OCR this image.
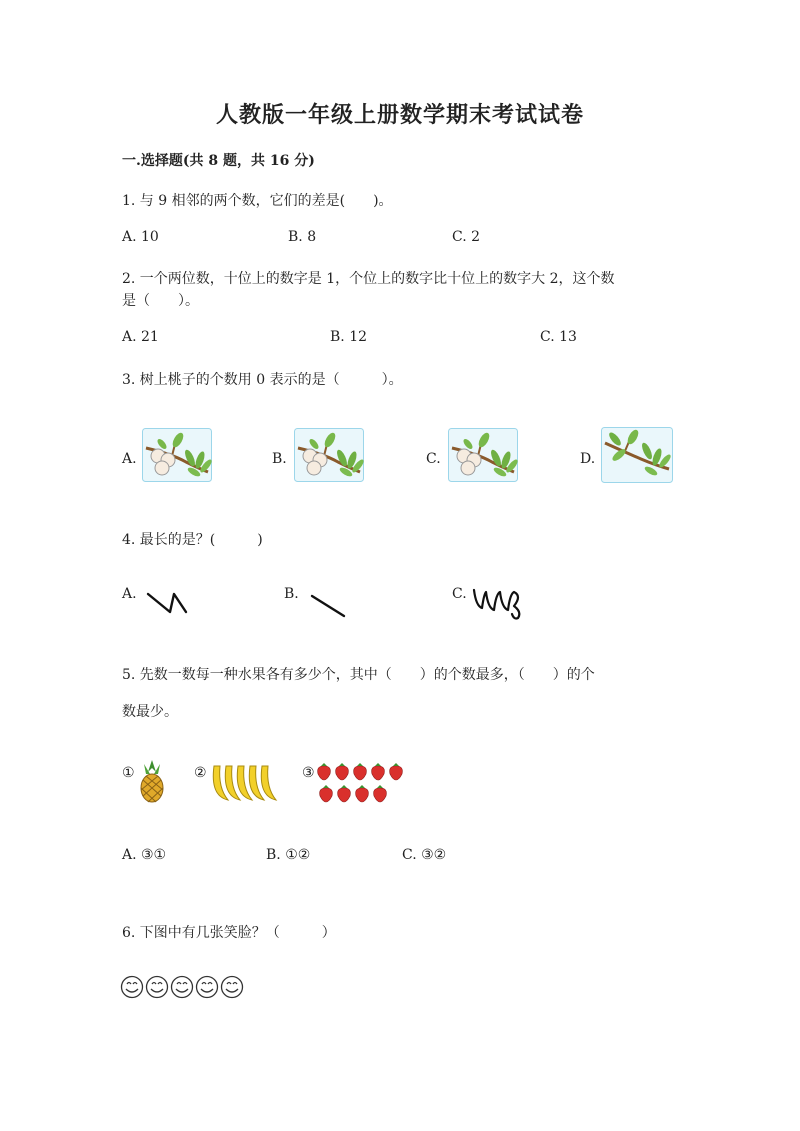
人教版一年级上册数学期末考试试卷
一.选择题(共 8 题，共 16 分)
1. 与 9 相邻的两个数，它们的差是(　　)。
A. 10	B. 8	C. 2
2. 一个两位数，十位上的数字是 1，个位上的数字比十位上的数字大 2，这个数
是（　　）。
A. 21	B. 12	C. 13
3. 树上桃子的个数用 0 表示的是（　　　）。
A.	B.	C.	D.
4. 最长的是？(　　　)
A.	B.	C.
5. 先数一数每一种水果各有多少个，其中（　　）的个数最多，（　　）的个
数最少。
①	②	③
A. ③①	B. ①②	C. ③②
6. 下图中有几张笑脸？（　　　）
